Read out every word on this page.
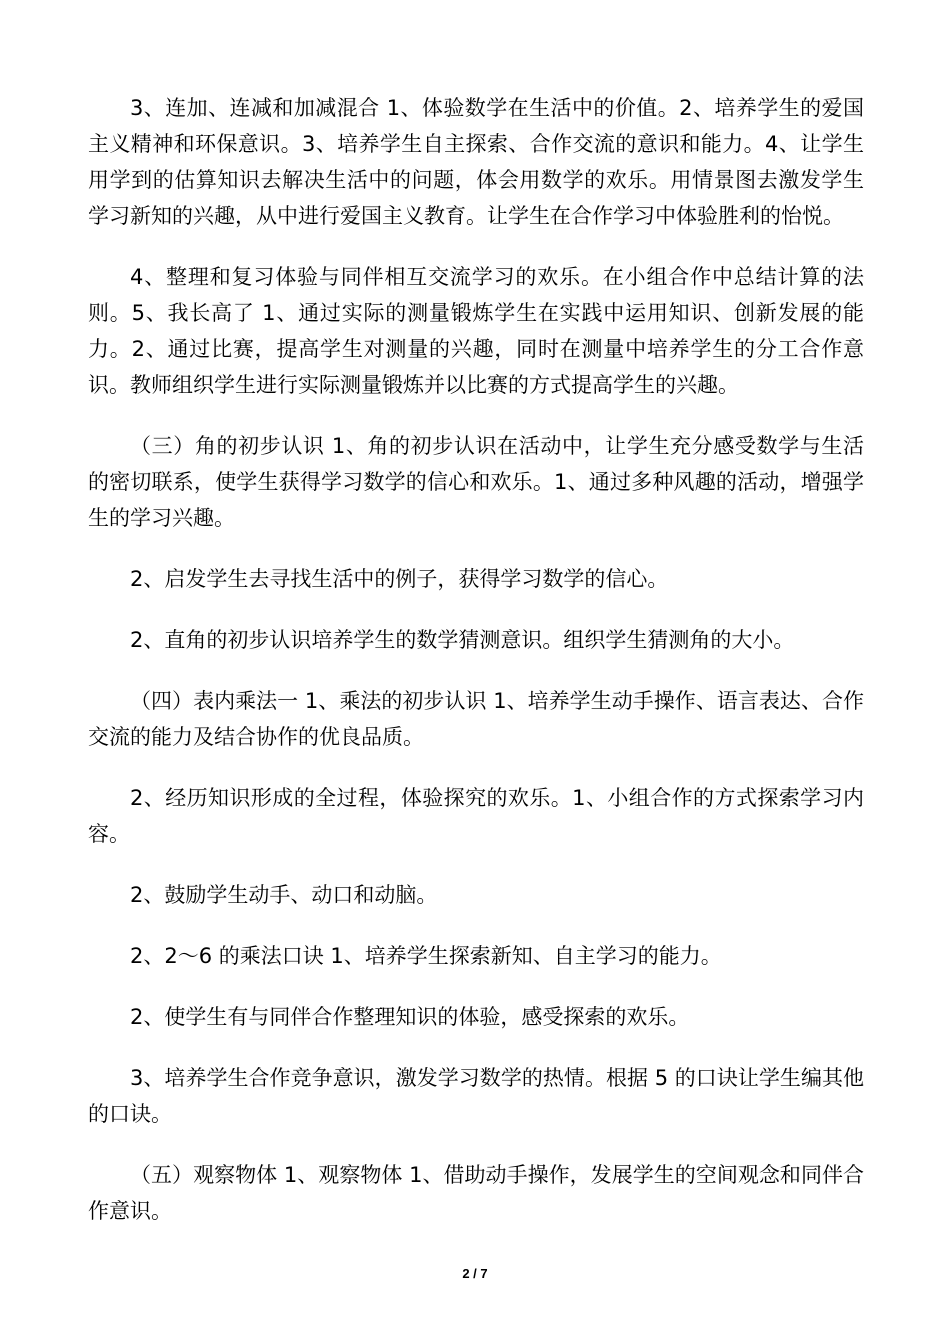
3、连加、连减和加减混合 1、体验数学在生活中的价值。2、培养学生的爱国主义精神和环保意识。3、培养学生自主探索、合作交流的意识和能力。4、让学生用学到的估算知识去解决生活中的问题，体会用数学的欢乐。用情景图去激发学生学习新知的兴趣，从中进行爱国主义教育。让学生在合作学习中体验胜利的怡悦。

4、整理和复习体验与同伴相互交流学习的欢乐。在小组合作中总结计算的法则。5、我长高了 1、通过实际的测量锻炼学生在实践中运用知识、创新发展的能力。2、通过比赛，提高学生对测量的兴趣，同时在测量中培养学生的分工合作意识。教师组织学生进行实际测量锻炼并以比赛的方式提高学生的兴趣。

（三）角的初步认识 1、角的初步认识在活动中，让学生充分感受数学与生活的密切联系，使学生获得学习数学的信心和欢乐。1、通过多种风趣的活动，增强学生的学习兴趣。

2、启发学生去寻找生活中的例子，获得学习数学的信心。

2、直角的初步认识培养学生的数学猜测意识。组织学生猜测角的大小。

（四）表内乘法一 1、乘法的初步认识 1、培养学生动手操作、语言表达、合作交流的能力及结合协作的优良品质。

2、经历知识形成的全过程，体验探究的欢乐。1、小组合作的方式探索学习内容。

2、鼓励学生动手、动口和动脑。

2、2～6 的乘法口诀 1、培养学生探索新知、自主学习的能力。

2、使学生有与同伴合作整理知识的体验，感受探索的欢乐。

3、培养学生合作竞争意识，激发学习数学的热情。根据 5 的口诀让学生编其他的口诀。

（五）观察物体 1、观察物体 1、借助动手操作，发展学生的空间观念和同伴合作意识。

2 / 7
